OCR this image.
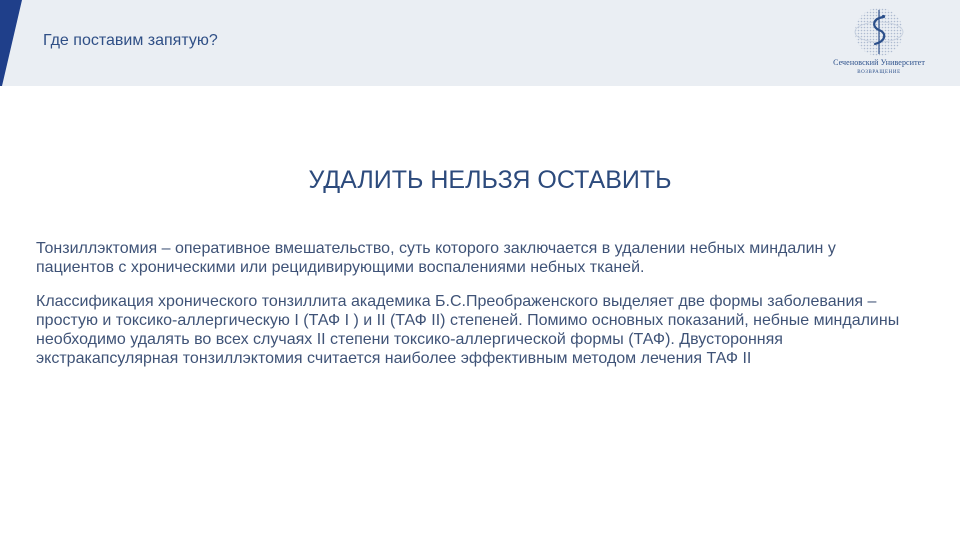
Где поставим запятую?
Сеченовский Университет
ВОЗВРАЩЕНИЕ
УДАЛИТЬ НЕЛЬЗЯ ОСТАВИТЬ
Тонзиллэктомия – оперативное вмешательство, суть которого заключается в удалении небных миндалин у пациентов с хроническими или рецидивирующими воспалениями небных тканей.
Классификация хронического тонзиллита академика Б.С.Преображенского выделяет две формы заболевания – простую и токсико-аллергическую I (ТАФ I ) и II (ТАФ II) степеней. Помимо основных показаний, небные миндалины необходимо удалять во всех случаях II степени токсико-аллергической формы (ТАФ). Двусторонняя экстракапсулярная тонзиллэктомия считается наиболее эффективным методом лечения ТАФ II
